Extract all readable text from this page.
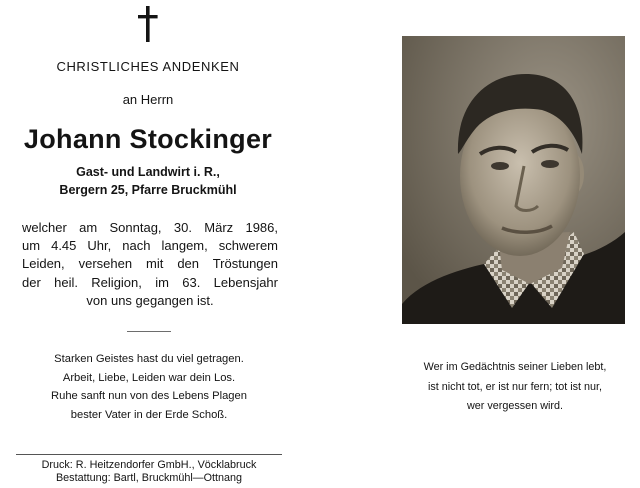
CHRISTLICHES ANDENKEN
an Herrn
Johann Stockinger
Gast- und Landwirt i. R.,
Bergern 25, Pfarre Bruckmühl
welcher am Sonntag, 30. März 1986,
um 4.45 Uhr, nach langem, schwerem
Leiden, versehen mit den Tröstungen
der heil. Religion, im 63. Lebensjahr
von uns gegangen ist.
Starken Geistes hast du viel getragen.
Arbeit, Liebe, Leiden war dein Los.
Ruhe sanft nun von des Lebens Plagen
bester Vater in der Erde Schoß.
Druck: R. Heitzendorfer GmbH., Vöcklabruck
Bestattung: Bartl, Bruckmühl—Ottnang
Wer im Gedächtnis seiner Lieben lebt,
ist nicht tot, er ist nur fern; tot ist nur,
wer vergessen wird.
